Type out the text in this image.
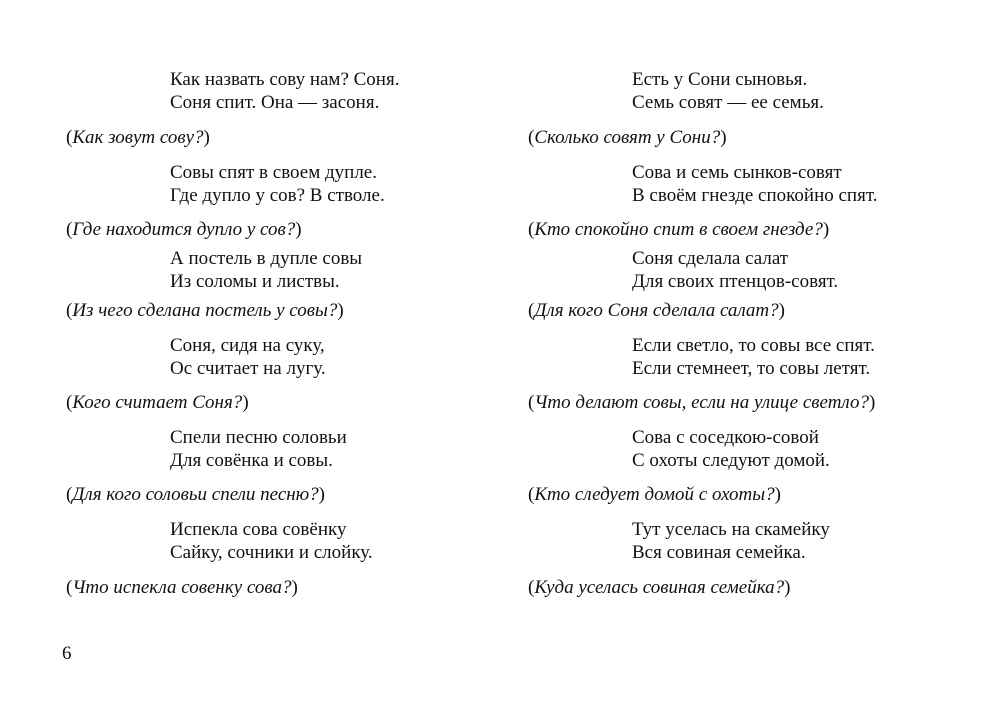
Как назвать сову нам? Соня.
Соня спит. Она — засоня.
(Как зовут сову?)
Совы спят в своем дупле.
Где дупло у сов? В стволе.
(Где находится дупло у сов?)
А постель в дупле совы
Из соломы и листвы.
(Из чего сделана постель у совы?)
Соня, сидя на суку,
Ос считает на лугу.
(Кого считает Соня?)
Спели песню соловьи
Для совёнка и совы.
(Для кого соловьи спели песню?)
Испекла сова совёнку
Сайку, сочники и слойку.
(Что испекла совенку сова?)
Есть у Сони сыновья.
Семь совят — ее семья.
(Сколько совят у Сони?)
Сова и семь сынков-совят
В своём гнезде спокойно спят.
(Кто спокойно спит в своем гнезде?)
Соня сделала салат
Для своих птенцов-совят.
(Для кого Соня сделала салат?)
Если светло, то совы все спят.
Если стемнеет, то совы летят.
(Что делают совы, если на улице светло?)
Сова с соседкою-совой
С охоты следуют домой.
(Кто следует домой с охоты?)
Тут уселась на скамейку
Вся совиная семейка.
(Куда уселась совиная семейка?)
6
